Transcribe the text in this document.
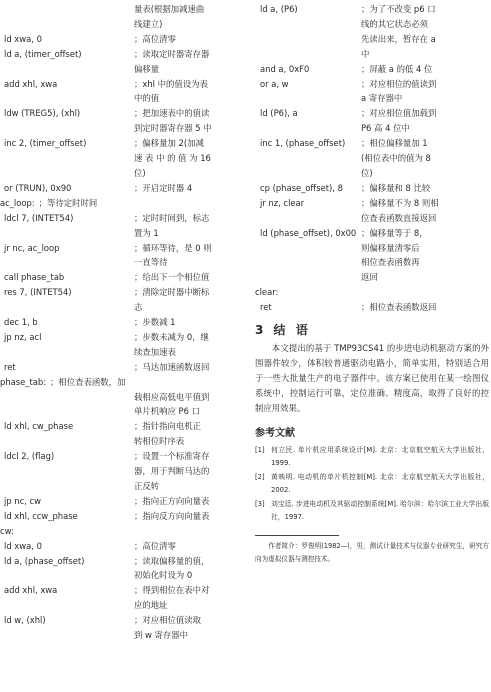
量表(根据加减速曲
线建立)
ld xwa, 0	；高位清零
ld a, (timer_offset)	；读取定时器寄存器
偏移量
add xhl, xwa	；xhl 中的值设为表
中的值
ldw (TREG5), (xhl)	；把加速表中的值读
到定时器寄存器 5 中
inc 2, (timer_offset)	；偏移量加 2(加减
速 表 中 的 值 为 16
位)
or (TRUN), 0x90	；开启定时器 4
ac_loop: ；等待定时时间
ldcl 7, (INTET54)	；定时时间到，标志
置为 1
jr nc, ac_loop	；循环等待，是 0 则
一直等待
call phase_tab	；给出下一个相位值
res 7, (INTET54)	；清除定时器中断标
志
dec 1, b	；步数减 1
jp nz, acl	；步数未减为 0，继
续查加速表
ret	；马达加速函数返回
phase_tab: ；相位查表函数，加
载相应高低电平值到
单片机响应 P6 口
ld xhl, cw_phase	；指针指向电机正
转相位时序表
ldcl 2, (flag)	；设置一个标准寄存
器，用于判断马达的
正反转
jp nc, cw	；指向正方向向量表
ld xhl, ccw_phase	；指向反方向向量表
cw:
ld xwa, 0	；高位清零
ld a, (phase_offset)	；读取偏移量的值，
初始化时设为 0
add xhl, xwa	；得到相位在表中对
应的地址
ld w, (xhl)	；对应相位值读取
到 w 寄存器中
ld a, (P6)	；为了不改变 p6 口
线的其它状态必须
先读出来，暂存在 a
中
and a, 0xF0	；屏蔽 a 的低 4 位
or a, w	；对应相位的值读到
a 寄存器中
ld (P6), a	；对应相位值加载到
P6 高 4 位中
inc 1, (phase_offset)	；相位偏移量加 1
(相位表中的值为 8
位)
cp (phase_offset), 8	；偏移量和 8 比较
jr nz, clear	；偏移量不为 8 则相
位查表函数直接返回
ld (phase_offset), 0x00 ；偏移量等于 8，
则偏移量清零后
相位查表函数再
返回
clear:
ret	；相位查表函数返回
3 结 语
本文提出的基于 TMP93CS41 的步进电动机驱动方案的外围器件较少，体积较普通驱动电路小，简单实用，特别适合用于一些大批量生产的电子器件中。该方案已使用在某一绘图仪系统中，控制运行可靠，定位准确、精度高，取得了良好的控制应用效果。
参考文献
[1] 何立民. 单片机应用系统设计[M]. 北京：北京航空航天大学出版社，1999.
[2] 黄映明. 电动机的单片机控制[M]. 北京：北京航空航天大学出版社，2002.
[3] 刘宝廷. 步进电动机及其驱动控制系统[M]. 哈尔滨：哈尔滨工业大学出版社，1997.
作者简介：罗俊明(1982—)，男，测试计量技术与仪器专业研究生，研究方向为虚拟仪器与测控技术。
